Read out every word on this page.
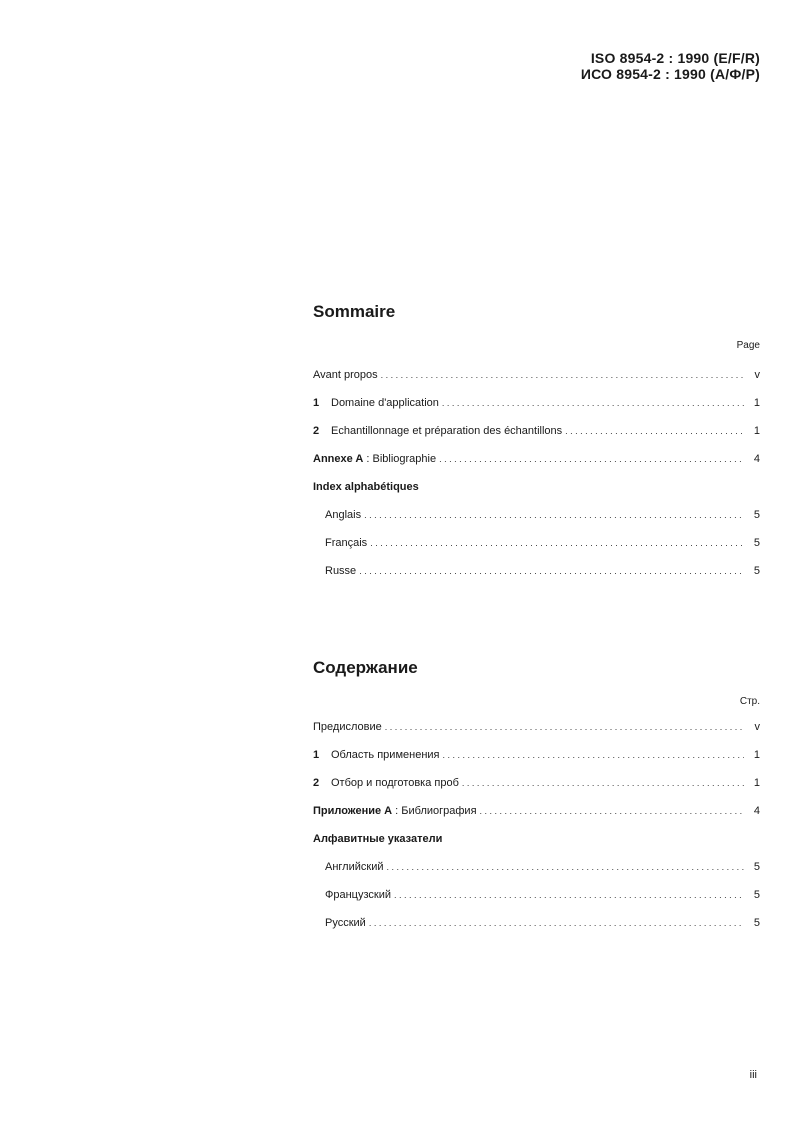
ISO 8954-2 : 1990 (E/F/R)
ИСО 8954-2 : 1990 (А/Ф/Р)
Sommaire
Page
Avant propos . . .	v
1	Domaine d'application . . .	1
2	Echantillonnage et préparation des échantillons . . .	1
Annexe A : Bibliographie . . .	4
Index alphabétiques
Anglais . . .	5
Français . . .	5
Russe . . .	5
Содержание
Стр.
Предисловие . . .	v
1	Область применения . . .	1
2	Отбор и подготовка проб . . .	1
Приложение А : Библиография . . .	4
Алфавитные указатели
Английский . . .	5
Французский . . .	5
Русский . . .	5
iii
